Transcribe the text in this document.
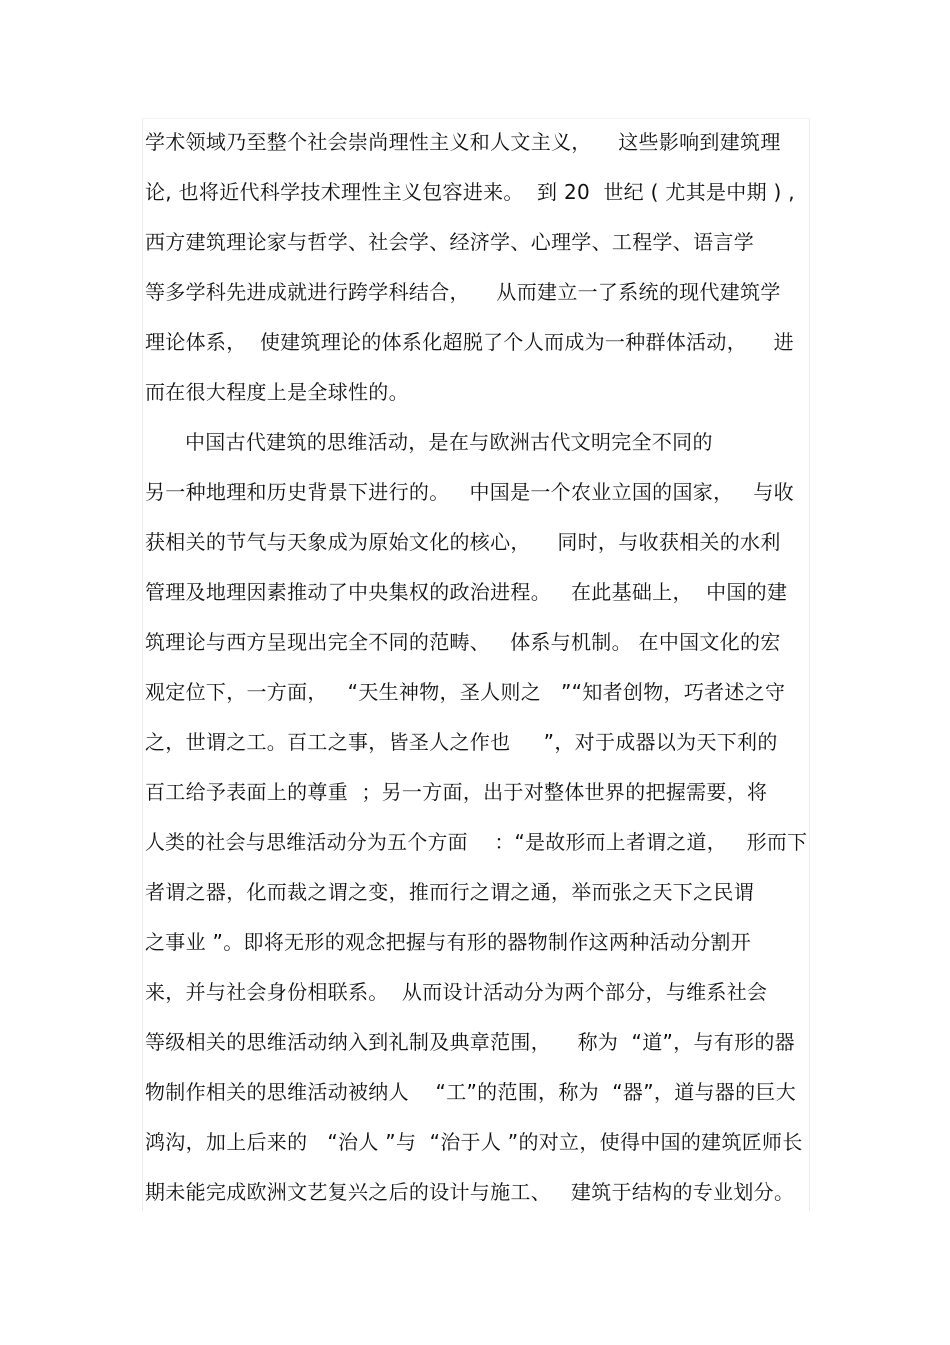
学术领域乃至整个社会崇尚理性主义和人文主义，    这些影响到建筑理
论, 也将近代科学技术理性主义包容进来。  到 20  世纪 ( 尤其是中期 ) ,
西方建筑理论家与哲学、社会学、经济学、心理学、工程学、语言学
等多学科先进成就进行跨学科结合，    从而建立一了系统的现代建筑学
理论体系，  使建筑理论的体系化超脱了个人而成为一种群体活动，    进
而在很大程度上是全球性的。
中国古代建筑的思维活动，是在与欧洲古代文明完全不同的
另一种地理和历史背景下进行的。   中国是一个农业立国的国家，   与收
获相关的节气与天象成为原始文化的核心，    同时，与收获相关的水利
管理及地理因素推动了中央集权的政治进程。   在此基础上，  中国的建
筑理论与西方呈现出完全不同的范畴、   体系与机制。 在中国文化的宏
观定位下，一方面，   “天生神物，圣人则之   ”“知者创物，巧者述之守
之，世谓之工。百工之事，皆圣人之作也     ”，对于成器以为天下利的
百工给予表面上的尊重  ；另一方面，出于对整体世界的把握需要，将
人类的社会与思维活动分为五个方面    ：“是故形而上者谓之道，   形而下
者谓之器，化而裁之谓之变，推而行之谓之通，举而张之天下之民谓
之事业 ”。即将无形的观念把握与有形的器物制作这两种活动分割开
来，并与社会身份相联系。  从而设计活动分为两个部分，与维系社会
等级相关的思维活动纳入到礼制及典章范围，    称为  “道”，与有形的器
物制作相关的思维活动被纳人    “工”的范围，称为  “器”，道与器的巨大
鸿沟，加上后来的   “治人 ”与  “治于人 ”的对立，使得中国的建筑匠师长
期未能完成欧洲文艺复兴之后的设计与施工、   建筑于结构的专业划分。
